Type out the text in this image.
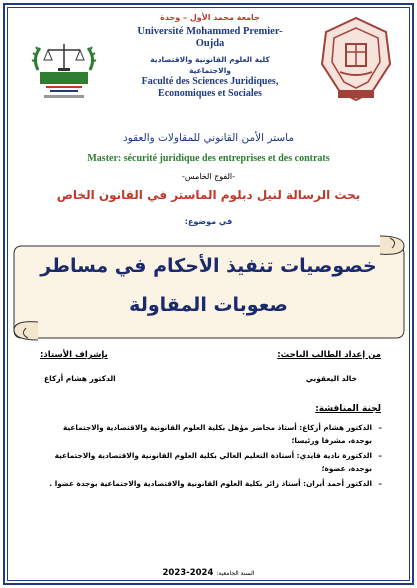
جامعة محمد الأول – وجدة
Université Mohammed Premier-
Oujda
كلية العلوم القانونية والاقتصادية
والاجتماعية
Faculté des Sciences Juridiques,
Economiques et Sociales
ماستر الأمن القانوني للمقاولات والعقود
Master: sécurité juridique des entreprises et des contrats
-الفوج الخامس-
بحث الرسالة لنيل دبلوم الماستر في القانون الخاص
في موضوع:
خصوصيات تنفيذ الأحكام في مساطر
صعوبات المقاولة
من إعداد الطالب الباحث:
بإشراف الأستاذ:
خالد اليعقوبي
الدكتور هشام أزكاغ
لجنة المناقشة:
– الدكتور هشام أزكاغ: أستاذ محاضر مؤهل بكلية العلوم القانونية والاقتصادية والاجتماعية بوجدة، مشرفا ورئيسا؛
– الدكتورة نادية قايدي: أستاذة التعليم العالي بكلية العلوم القانونية والاقتصادية والاجتماعية بوجدة، عضوة؛
– الدكتور أحمد أبران: أستاذ زائر بكلية العلوم القانونية والاقتصادية والاجتماعية بوجدة عضوا .
السنة الجامعية: 2024-2023
